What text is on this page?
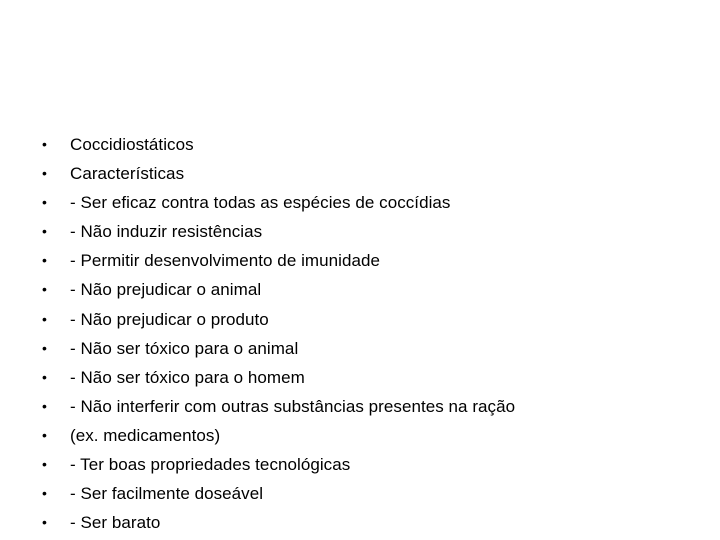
•	Coccidiostáticos
•	Características
•	- Ser eficaz contra todas as espécies de coccídias
•	- Não induzir resistências
•	- Permitir desenvolvimento de imunidade
•	- Não prejudicar o animal
•	- Não prejudicar o produto
•	- Não ser tóxico para o animal
•	- Não ser tóxico para o homem
•	- Não interferir com outras substâncias presentes na ração
•	(ex. medicamentos)
•	- Ter boas propriedades tecnológicas
•	- Ser facilmente doseável
•	- Ser barato
